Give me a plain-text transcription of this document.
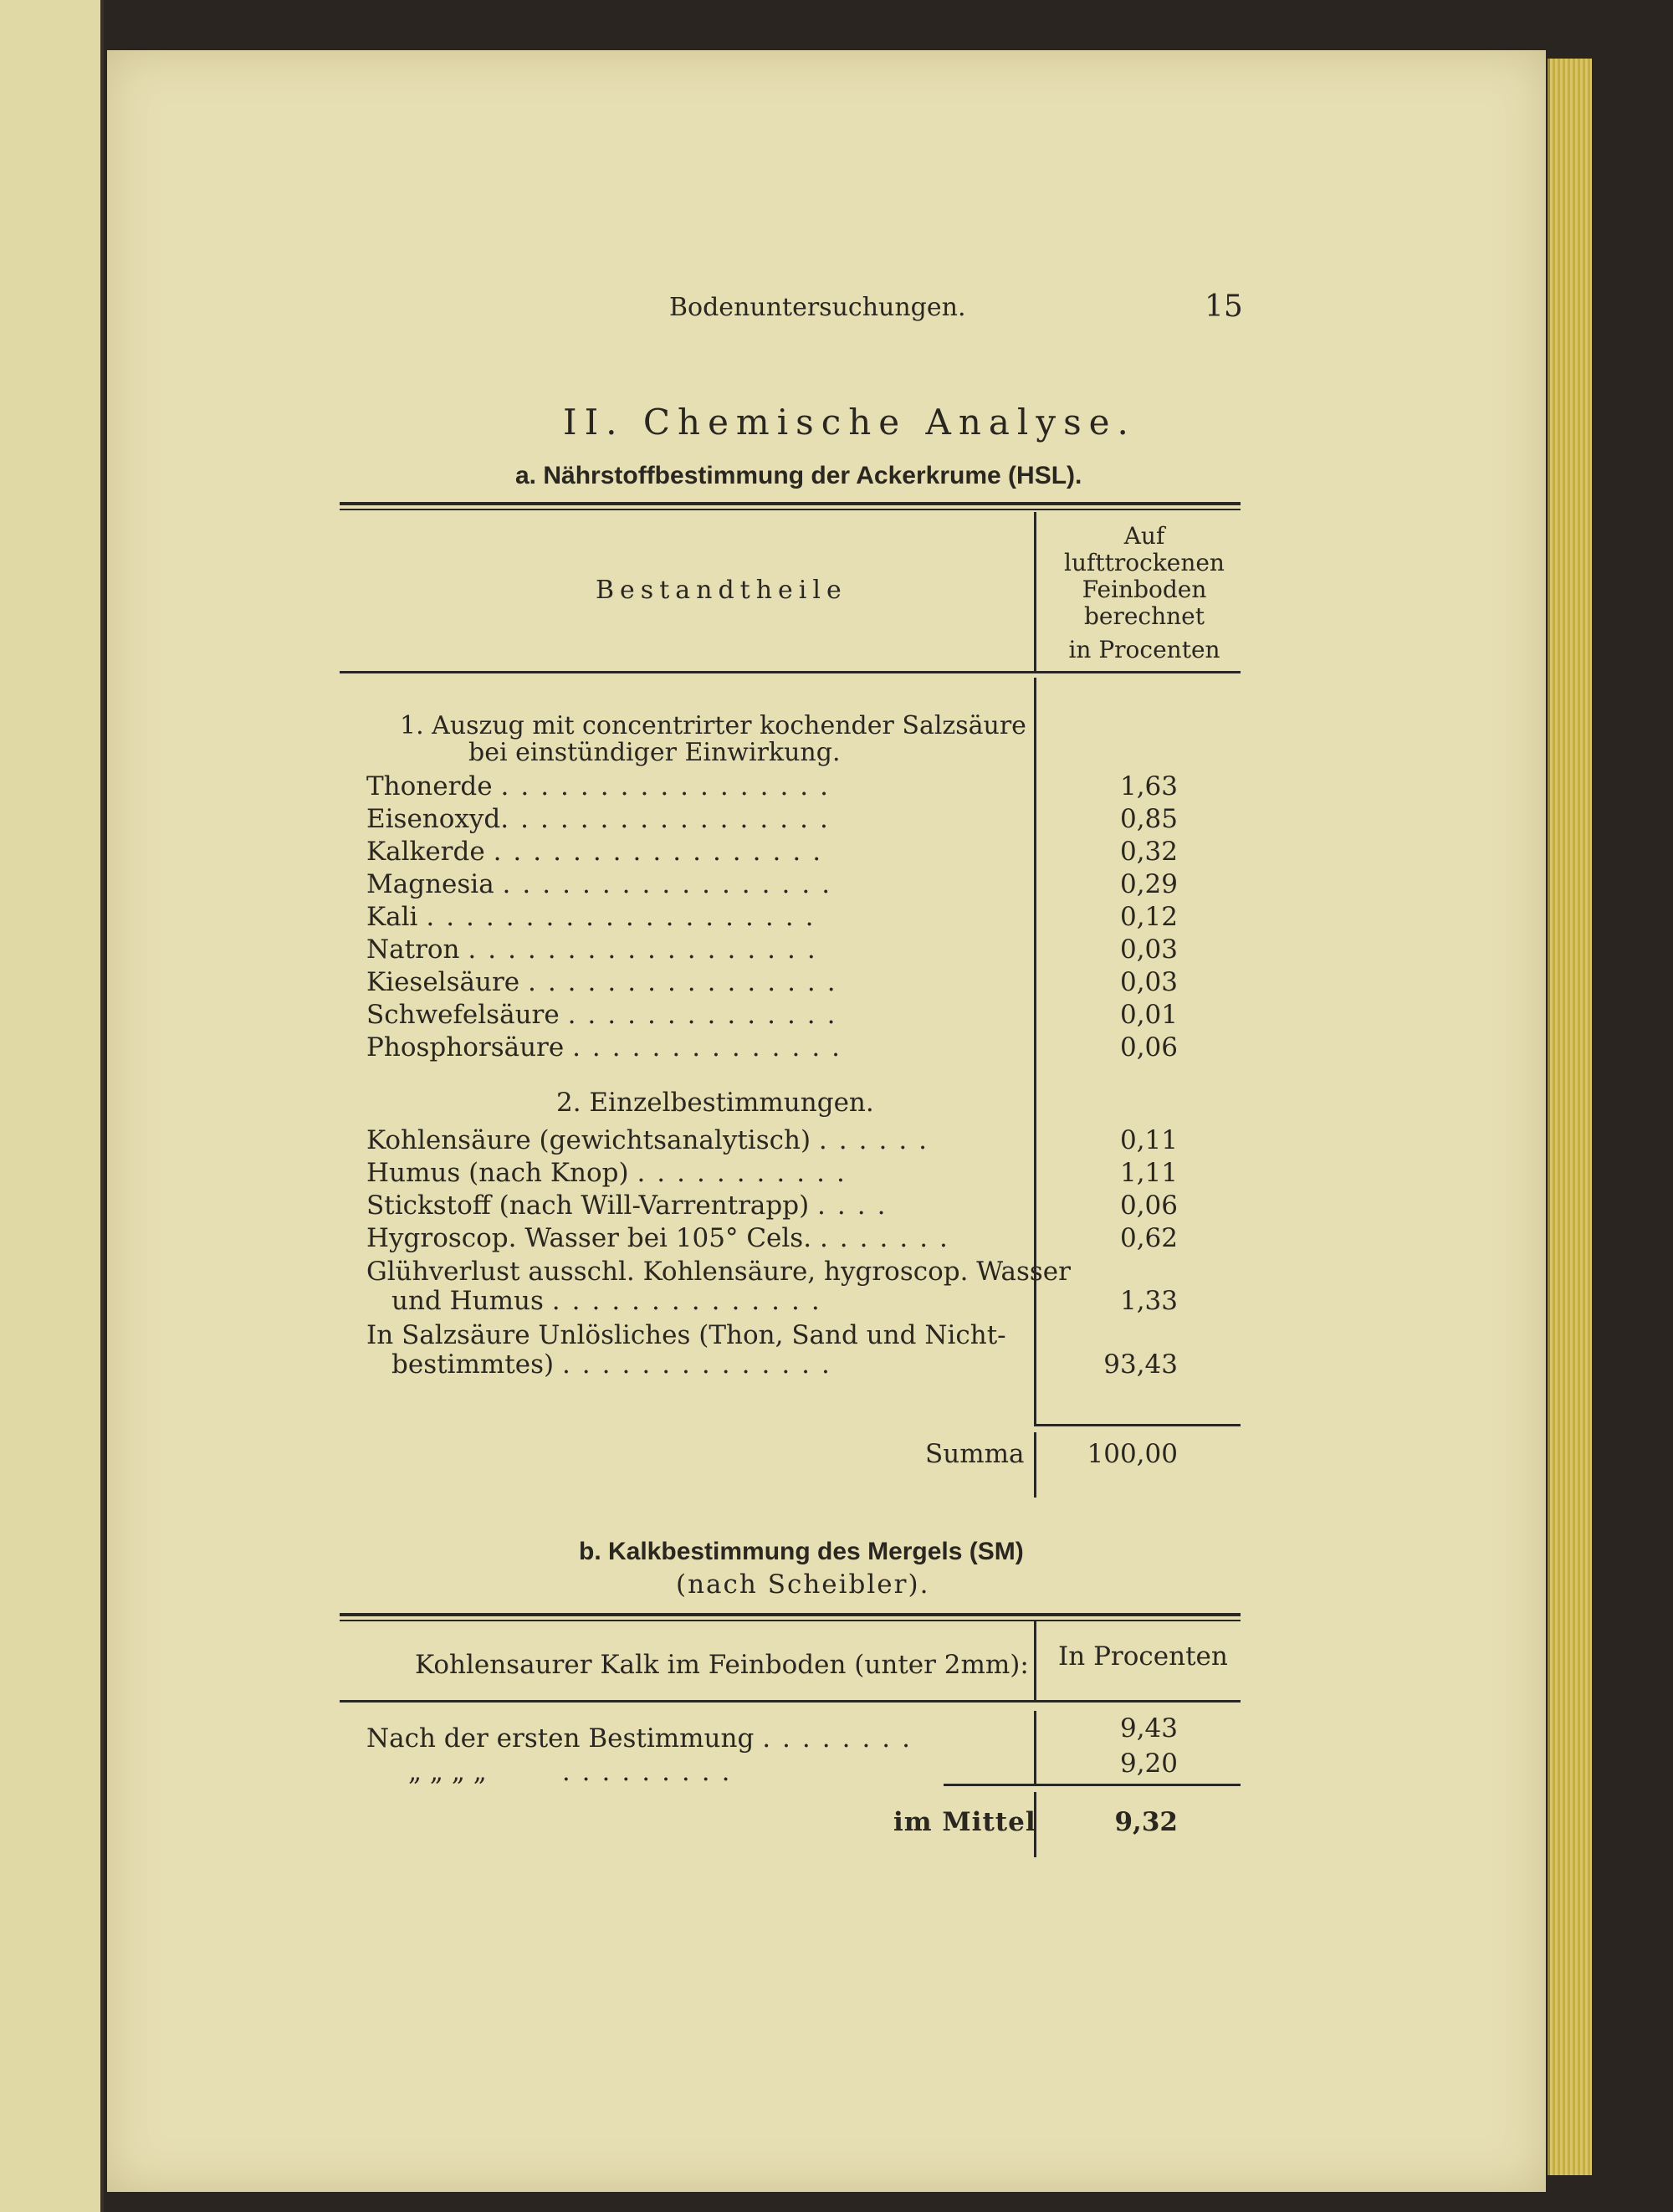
Bodenuntersuchungen.	15
II. Chemische Analyse.
a. Nährstoffbestimmung der Ackerkrume (HSL).
Bestandtheile
Auf
lufttrockenen
Feinboden
berechnet
in Procenten
1. Auszug mit concentrirter kochender Salzsäure
bei einstündiger Einwirkung.
Thonerde .................	1,63
Eisenoxyd.................	0,85
Kalkerde .................	0,32
Magnesia .................	0,29
Kali ....................	0,12
Natron ..................	0,03
Kieselsäure ................	0,03
Schwefelsäure ..............	0,01
Phosphorsäure ..............	0,06
2. Einzelbestimmungen.
Kohlensäure (gewichtsanalytisch) ......	0,11
Humus (nach Knop) ...........	1,11
Stickstoff (nach Will-Varrentrapp) ....	0,06
Hygroscop. Wasser bei 105° Cels. .......	0,62
Glühverlust ausschl. Kohlensäure, hygroscop. Wasser
und Humus ..............	1,33
In Salzsäure Unlösliches (Thon, Sand und Nicht-
bestimmtes) ..............	93,43
Summa	100,00
b. Kalkbestimmung des Mergels (SM)
(nach Scheibler).
Kohlensaurer Kalk im Feinboden (unter 2mm): In Procenten
Nach der ersten Bestimmung ........	9,43
„ „ „ „	.........	9,20
im Mittel	9,32
